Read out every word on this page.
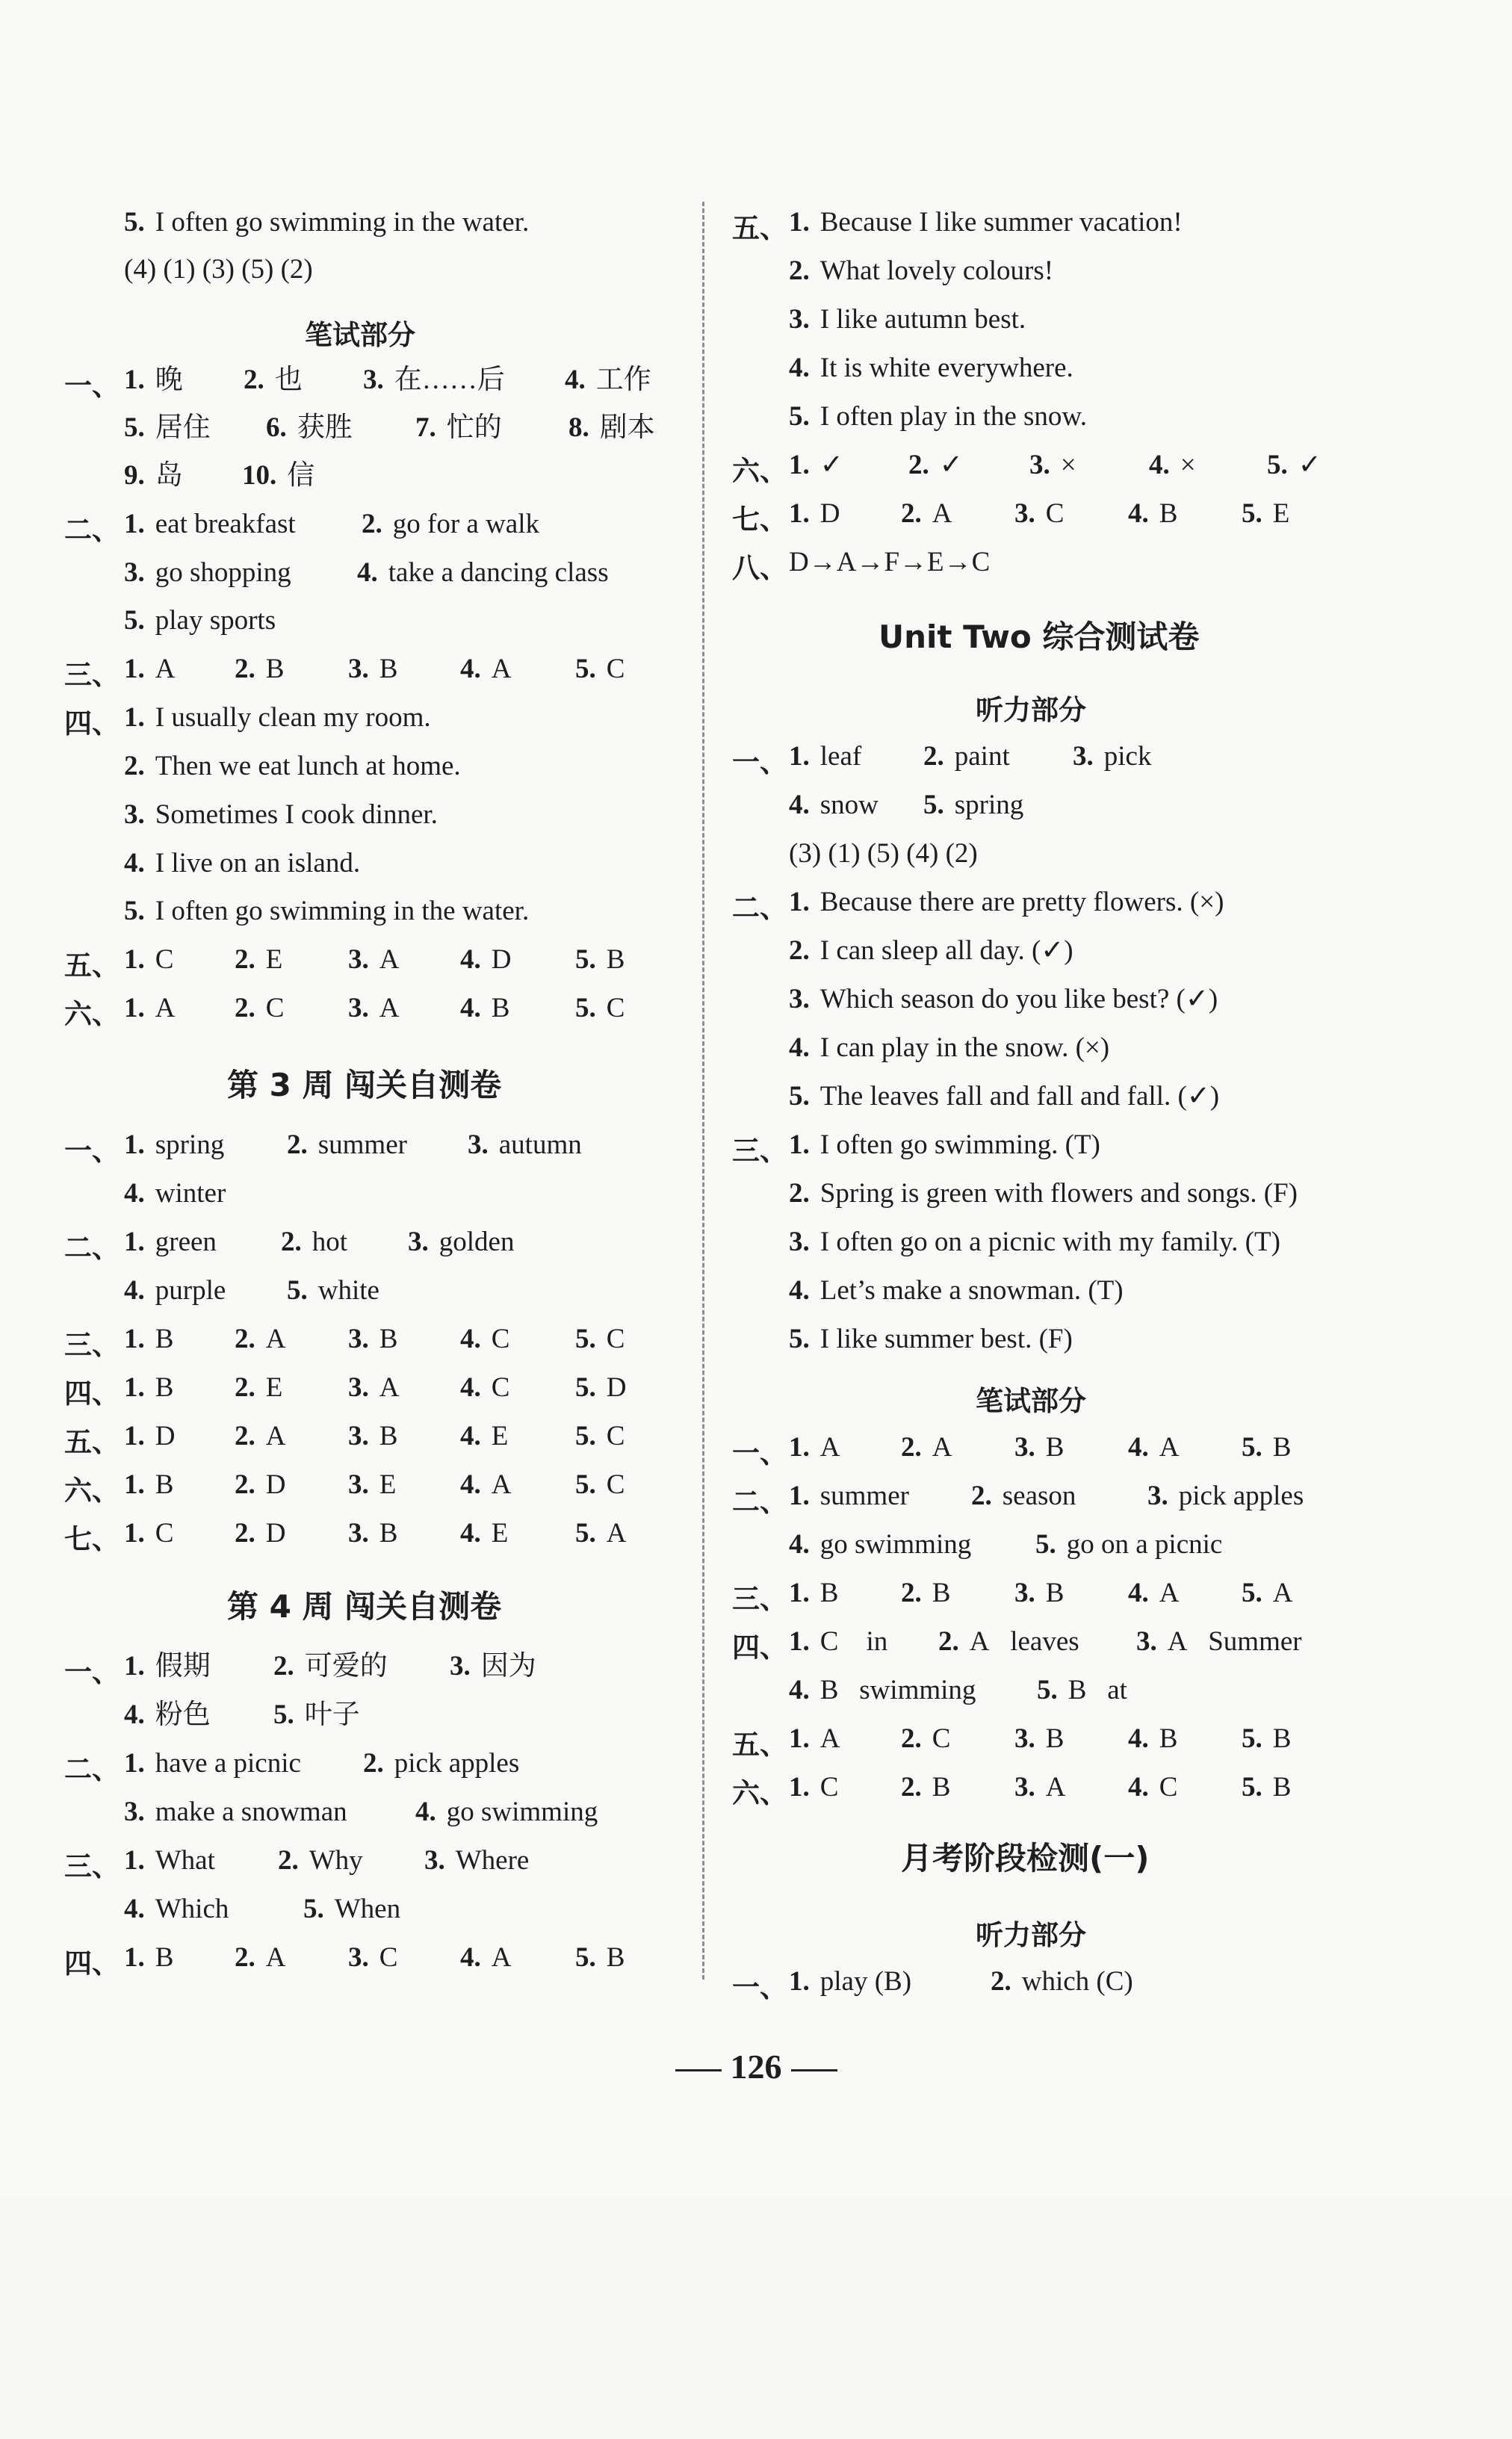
5. I often go swimming in the water.
(4) (1) (3) (5) (2)
笔试部分
一、 1. 晚 2. 也 3. 在……后 4. 工作
5. 居住 6. 获胜 7. 忙的 8. 剧本
9. 岛 10. 信
二、 1. eat breakfast 2. go for a walk
3. go shopping 4. take a dancing class
5. play sports
三、 1. A 2. B 3. B 4. A 5. C
四、 1. I usually clean my room.
2. Then we eat lunch at home.
3. Sometimes I cook dinner.
4. I live on an island.
5. I often go swimming in the water.
五、 1. C 2. E 3. A 4. D 5. B
六、 1. A 2. C 3. A 4. B 5. C
第 3 周 闯关自测卷
一、 1. spring 2. summer 3. autumn
4. winter
二、 1. green 2. hot 3. golden
4. purple 5. white
三、 1. B 2. A 3. B 4. C 5. C
四、 1. B 2. E 3. A 4. C 5. D
五、 1. D 2. A 3. B 4. E 5. C
六、 1. B 2. D 3. E 4. A 5. C
七、 1. C 2. D 3. B 4. E 5. A
第 4 周 闯关自测卷
一、 1. 假期 2. 可爱的 3. 因为
4. 粉色 5. 叶子
二、 1. have a picnic 2. pick apples
3. make a snowman 4. go swimming
三、 1. What 2. Why 3. Where
4. Which	5. When
四、 1. B 2. A 3. C 4. A 5. B
五、 1. Because I like summer vacation!
2. What lovely colours!
3. I like autumn best.
4. It is white everywhere.
5. I often play in the snow.
六、 1. ✓ 2. ✓ 3. ×	4. ×	5. ✓
七、 1. D 2. A 3. C 4. B 5. E
八、 D→A→F→E→C
Unit Two 综合测试卷
听力部分
一、 1. leaf 2. paint 3. pick
4. snow 5. spring
(3) (1) (5) (4) (2)
二、 1. Because there are pretty flowers. (×)
2. I can sleep all day. (✓)
3. Which season do you like best? (✓)
4. I can play in the snow. (×)
5. The leaves fall and fall and fall. (✓)
三、 1. I often go swimming. (T)
2. Spring is green with flowers and songs. (F)
3. I often go on a picnic with my family. (T)
4. Let’s make a snowman. (T)
5. I like summer best. (F)
笔试部分
一、 1. A 2. A 3. B 4. A 5. B
二、 1. summer 2. season	3. pick apples
4. go swimming 5. go on a picnic
三、 1. B 2. B 3. B 4. A 5. A
四、 1. C in 2. A leaves 3. A Summer
4. B swimming 5. B at
五、 1. A 2. C 3. B 4. B 5. B
六、 1. C 2. B 3. A 4. C 5. B
月考阶段检测(一)
听力部分
一、 1. play (B)	2. which (C)
126
